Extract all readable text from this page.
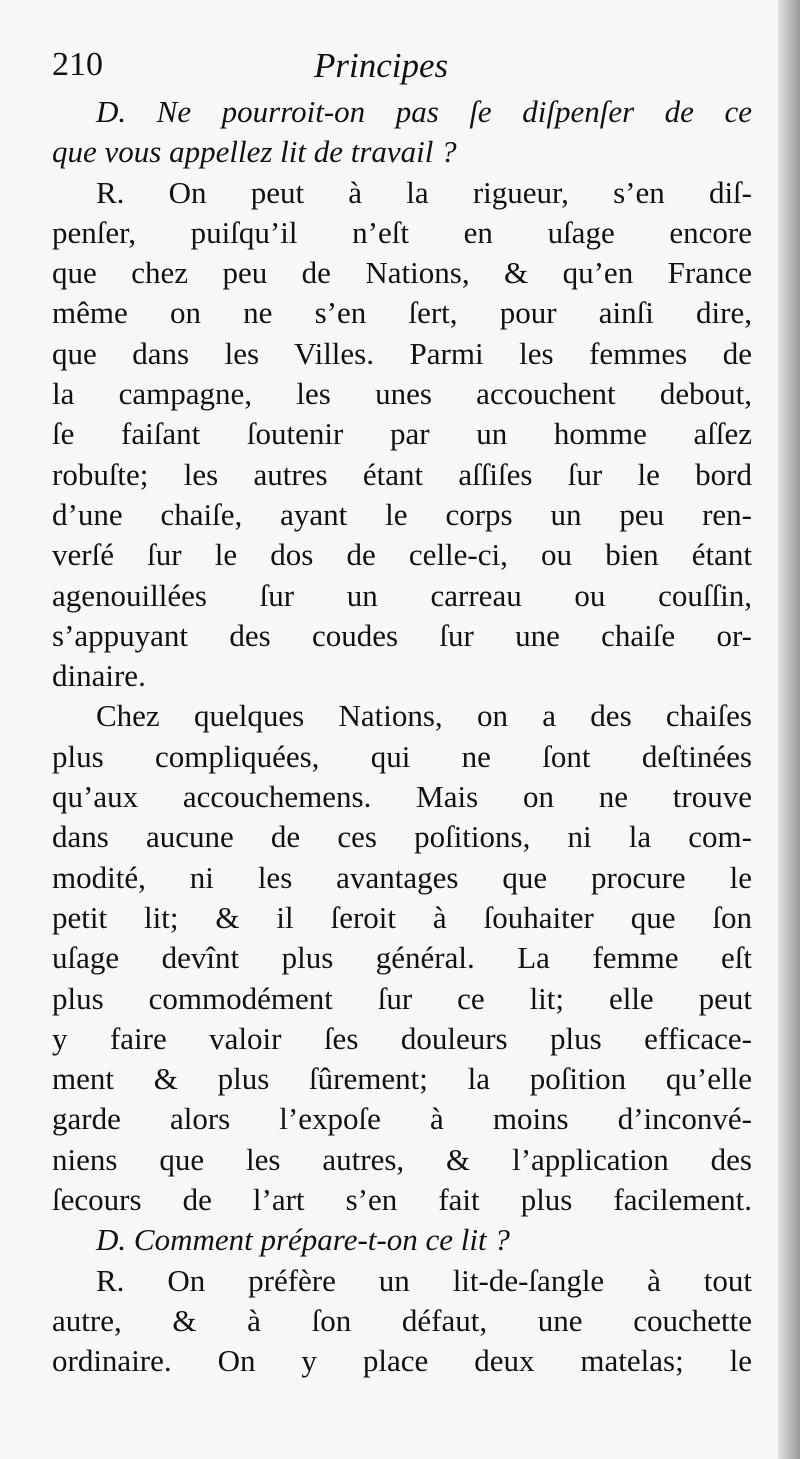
210	Principes
D. Ne pourroit-on pas ſe diſpenſer de ce
que vous appellez lit de travail ?
R. On peut à la rigueur, s’en diſ-
penſer, puiſqu’il n’eſt en uſage encore
que chez peu de Nations, & qu’en France
même on ne s’en ſert, pour ainſi dire,
que dans les Villes. Parmi les femmes de
la campagne, les unes accouchent debout,
ſe faiſant ſoutenir par un homme aſſez
robuſte; les autres étant aſſiſes ſur le bord
d’une chaiſe, ayant le corps un peu ren-
verſé ſur le dos de celle-ci, ou bien étant
agenouillées ſur un carreau ou couſſin,
s’appuyant des coudes ſur une chaiſe or-
dinaire.
Chez quelques Nations, on a des chaiſes
plus compliquées, qui ne ſont deſtinées
qu’aux accouchemens. Mais on ne trouve
dans aucune de ces poſitions, ni la com-
modité, ni les avantages que procure le
petit lit; & il ſeroit à ſouhaiter que ſon
uſage devînt plus général. La femme eſt
plus commodément ſur ce lit; elle peut
y faire valoir ſes douleurs plus efficace-
ment & plus ſûrement; la poſition qu’elle
garde alors l’expoſe à moins d’inconvé-
niens que les autres, & l’application des
ſecours de l’art s’en fait plus facilement.
D. Comment prépare-t-on ce lit ?
R. On préfère un lit-de-ſangle à tout
autre, & à ſon défaut, une couchette
ordinaire. On y place deux matelas; le
